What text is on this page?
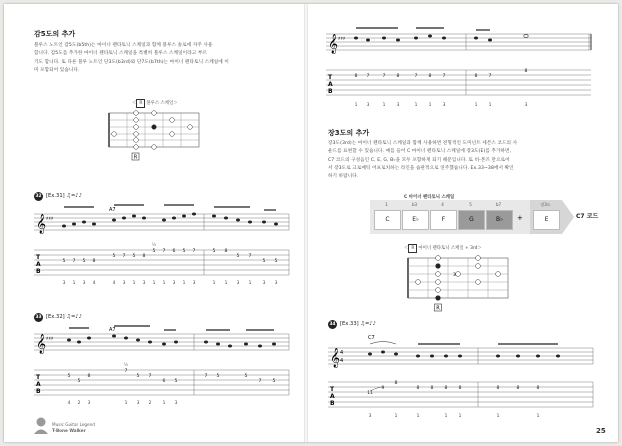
감5도의 추가
블루스 노트인 감5도(b5th)는 마이너 펜타토닉 스케일과 함께 블루스 솔로에 자주 사용
합니다. 감5도를 추가한 마이너 펜타토닉 스케일을 특별히 블루스 스케일이라고 부르
기도 합니다. 또 다른 블루 노트인 단3도(b3rd)와 단7도(b7th)는 마이너 펜타토닉 스케일에 이
미 포함되어 있습니다.
＜ R 블루스 스케일＞
R
32 [Ex.31] ♫=♪♪
𝄞 ♯♯♯
T
A
B
A7
½
5 7 5 8
5 7 5 8
5 7 6 5 7	5 8
5 7
5 5
3 1 3 4	4 3 1 3 1 1 3 1 3	1 1 3 1	3 3
33 [Ex.32] ♫=♪♪
𝄞 ♯♯♯
T
A
B
A7
½
5
5
8
7
5 7
6 5
7 5	5
7 5
4 2 3	1 3 2	1 3
Music Guitar Legend
T-Bone Walker
𝄞 ♯♯♯
T
A
B
8 7	7 8	7 8 7	8 7
8
1 3	1	3	1	1	3	1	1	3
장3도의 추가
장3도(3rd)는 마이너 펜타토닉 스케일과 함께 사용하면 전형적인 도미넌트 세븐스 코드의 사
운드를 표현할 수 있습니다. 예를 들어 C 마이너 펜타토닉 스케일에 장3도(E)를 추가하면,
C7 코드의 구성음인 C, E, G, B♭을 모두 포함하게 되기 때문입니다. 또 비-본즈 만으로어
서 장3도로 크로매틱 어프로치하는 라인을 습관적으로 연주했습니다. Ex.33~38에서 확인
하기 바랍니다.
C 마이너 펜타토닉 스케일
1	b3	4	5	b7
C	E♭	F	G	B♭	+
장3도
E	C7 코드
＜ R 마이너 펜타토닉 스케일 + 3rd＞
3
R
34 [Ex.33] ♫=♪♪
𝄞 4
4
T
A
B
C7
11
9
8
8 8 8 8	8	8	8
3	1	1	1	1	1	1
25
